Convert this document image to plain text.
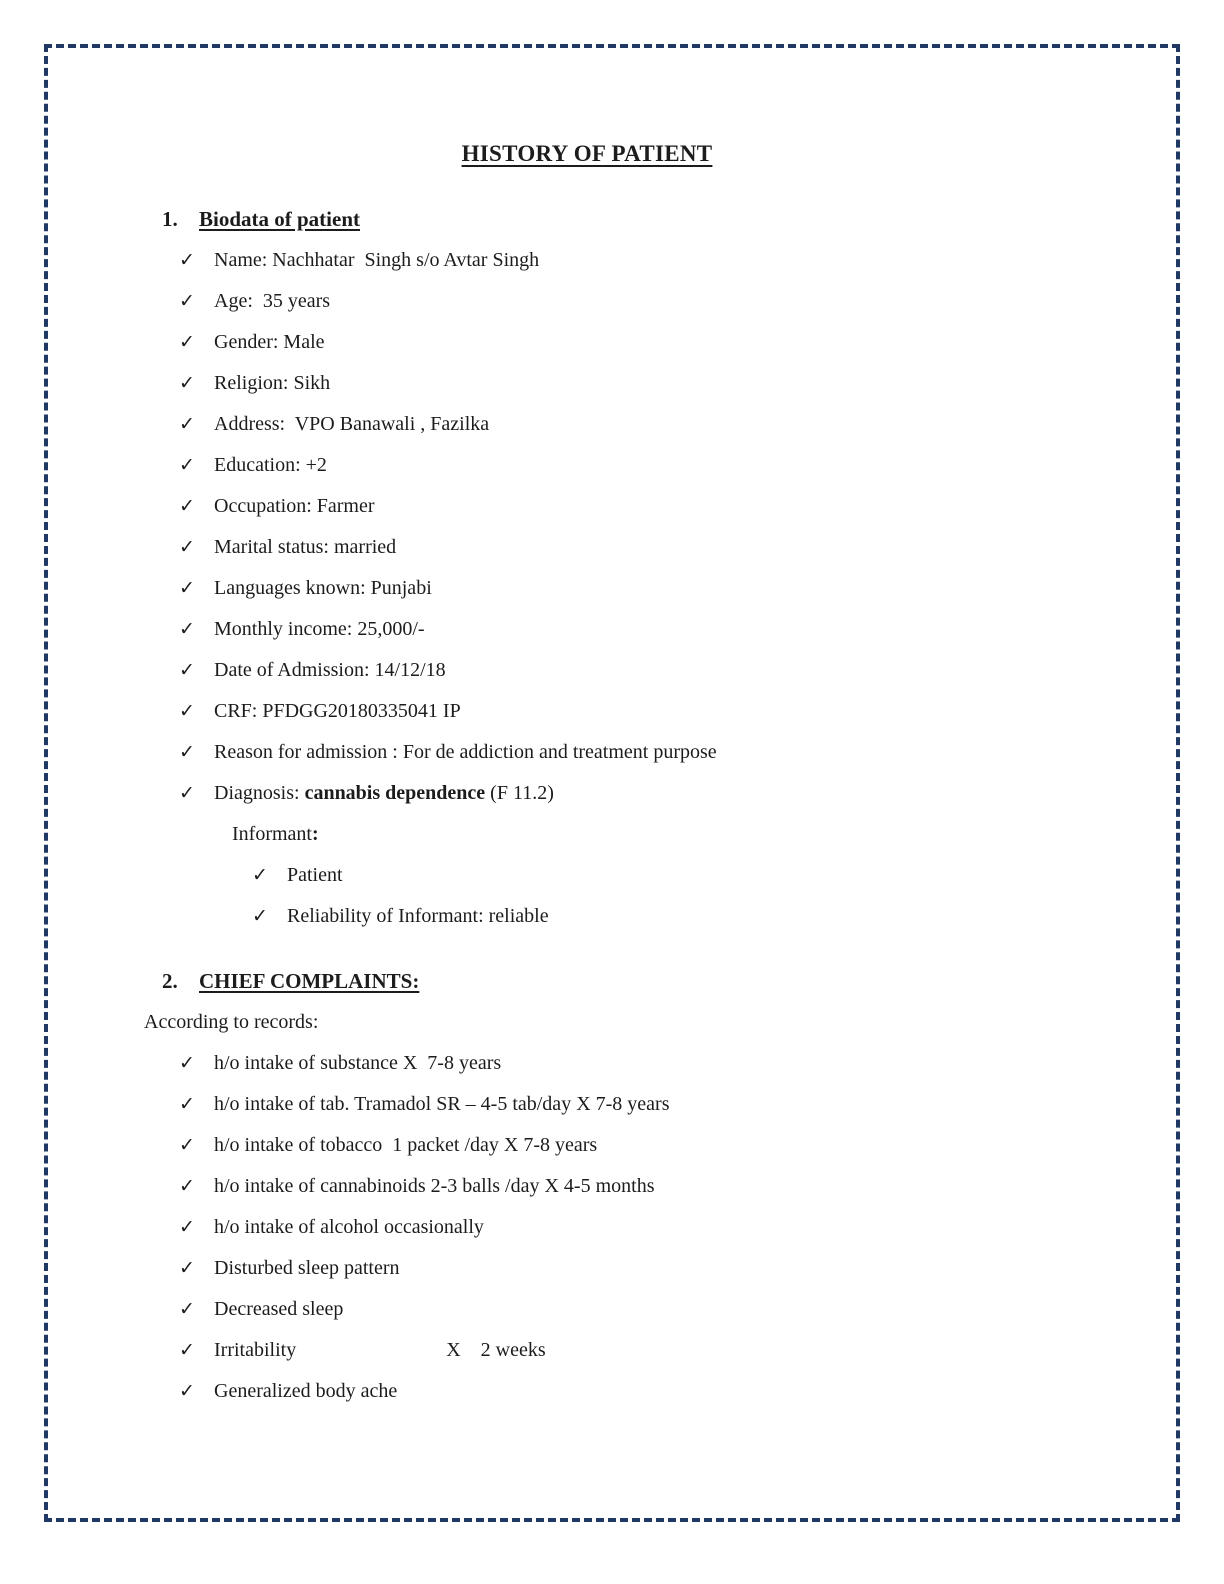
HISTORY OF PATIENT
1.	Biodata of patient
✓ Name: Nachhatar  Singh s/o Avtar Singh
✓ Age:  35 years
✓ Gender: Male
✓ Religion: Sikh
✓ Address:  VPO Banawali , Fazilka
✓ Education: +2
✓ Occupation: Farmer
✓ Marital status: married
✓ Languages known: Punjabi
✓ Monthly income: 25,000/-
✓ Date of Admission: 14/12/18
✓ CRF: PFDGG20180335041 IP
✓ Reason for admission : For de addiction and treatment purpose
✓ Diagnosis: cannabis dependence (F 11.2)
Informant:
✓ Patient
✓ Reliability of Informant: reliable
2.	CHIEF COMPLAINTS:
According to records:
✓ h/o intake of substance X  7-8 years
✓ h/o intake of tab. Tramadol SR – 4-5 tab/day X 7-8 years
✓ h/o intake of tobacco  1 packet /day X 7-8 years
✓ h/o intake of cannabinoids 2-3 balls /day X 4-5 months
✓ h/o intake of alcohol occasionally
✓ Disturbed sleep pattern
✓ Decreased sleep
✓ Irritability                              X    2 weeks
✓ Generalized body ache
